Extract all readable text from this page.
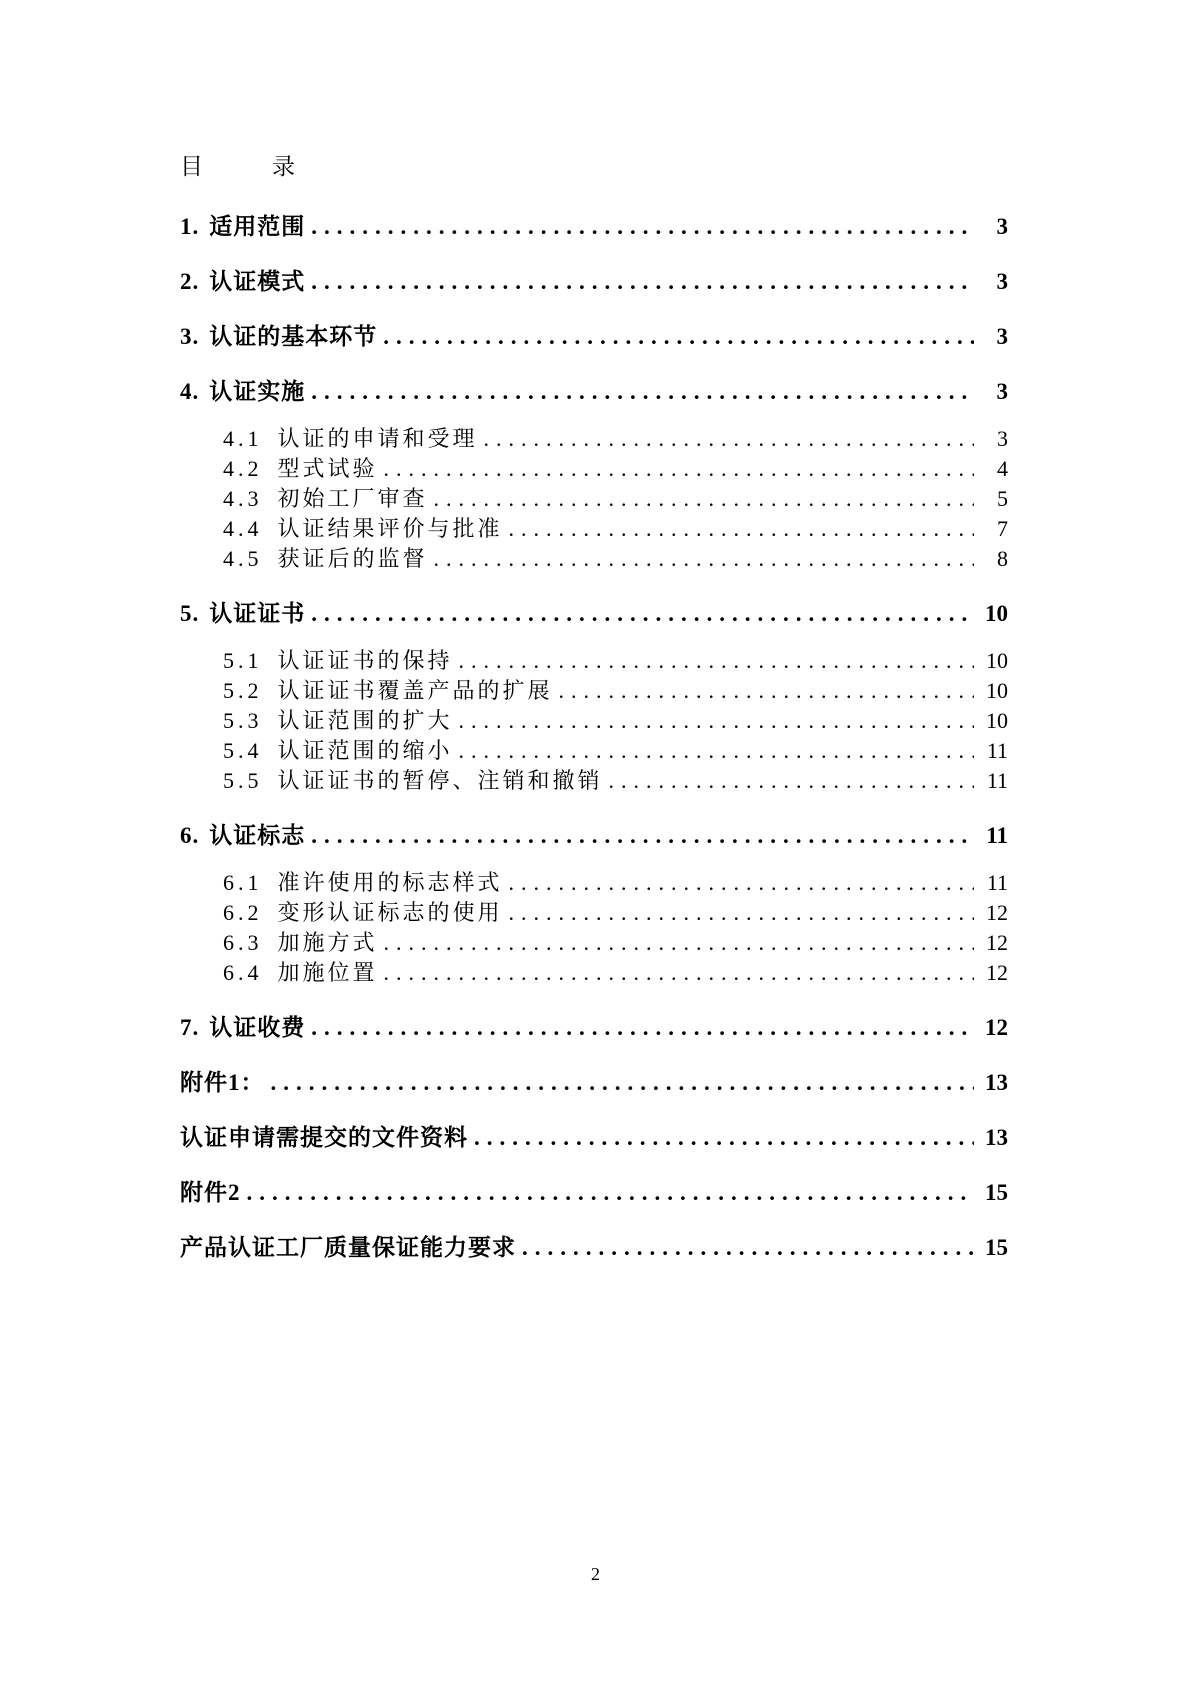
目　　　录
1. 适用范围 .....	3
2. 认证模式 .....	3
3. 认证的基本环节 .....	3
4. 认证实施 .....	3
4.1 认证的申请和受理 .....	3
4.2 型式试验 .....	4
4.3 初始工厂审查 .....	5
4.4 认证结果评价与批准 .....	7
4.5 获证后的监督 .....	8
5. 认证证书 .....	10
5.1 认证证书的保持 .....	10
5.2 认证证书覆盖产品的扩展 .....	10
5.3 认证范围的扩大 .....	10
5.4 认证范围的缩小 .....	11
5.5 认证证书的暂停、注销和撤销 .....	11
6. 认证标志 .....	11
6.1 准许使用的标志样式 .....	11
6.2 变形认证标志的使用 .....	12
6.3 加施方式 .....	12
6.4 加施位置 .....	12
7. 认证收费 .....	12
附件1： .....	13
认证申请需提交的文件资料 .....	13
附件2 .....	15
产品认证工厂质量保证能力要求 .....	15
2
